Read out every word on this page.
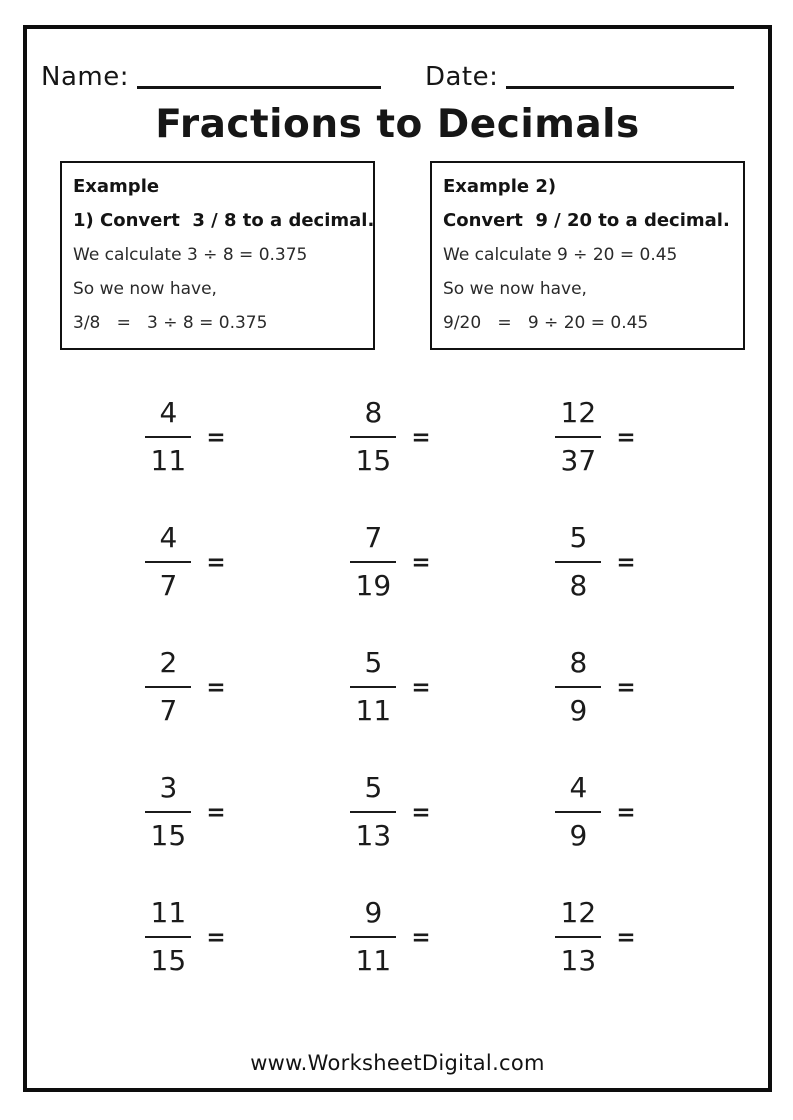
Name:	Date:
Fractions to Decimals
Example
1) Convert  3 / 8 to a decimal.
We calculate 3 ÷ 8 = 0.375
So we now have,
3/8   =   3 ÷ 8 = 0.375
Example 2)
Convert  9 / 20 to a decimal.
We calculate 9 ÷ 20 = 0.45
So we now have,
9/20   =   9 ÷ 20 = 0.45
$\frac{4}{11}$ =	$\frac{8}{15}$ =	$\frac{12}{37}$ =
$\frac{4}{7}$ =	$\frac{7}{19}$ =	$\frac{5}{8}$ =
$\frac{2}{7}$ =	$\frac{5}{11}$ =	$\frac{8}{9}$ =
$\frac{3}{15}$ =	$\frac{5}{13}$ =	$\frac{4}{9}$ =
$\frac{11}{15}$ =	$\frac{9}{11}$ =	$\frac{12}{13}$ =
www.WorksheetDigital.com
